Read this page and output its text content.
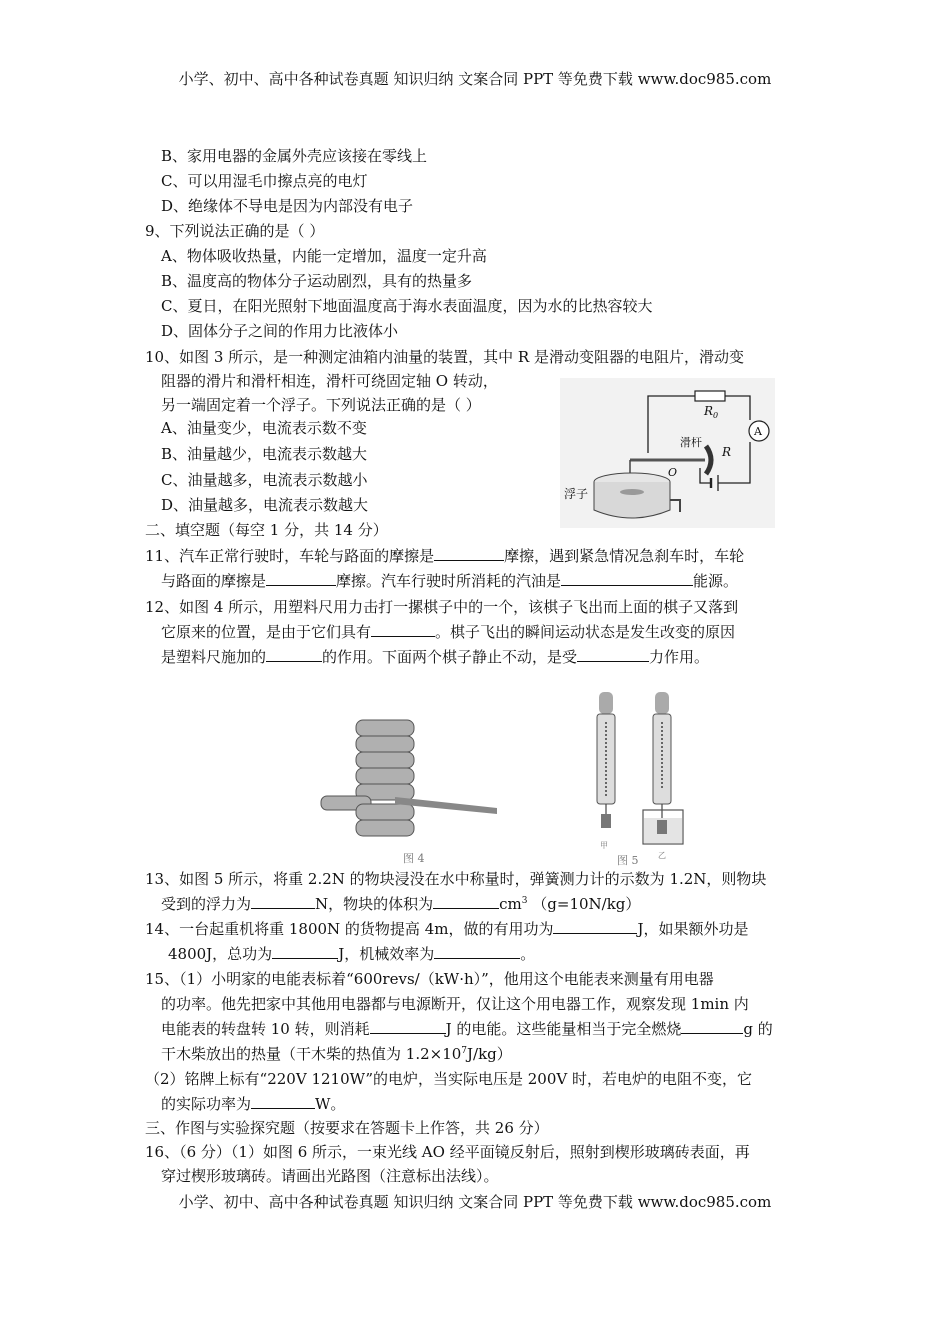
小学、初中、高中各种试卷真题 知识归纳 文案合同 PPT 等免费下载 www.doc985.com
B、家用电器的金属外壳应该接在零线上
C、可以用湿毛巾擦点亮的电灯
D、绝缘体不导电是因为内部没有电子
9、下列说法正确的是（ ）
A、物体吸收热量，内能一定增加，温度一定升高
B、温度高的物体分子运动剧烈，具有的热量多
C、夏日，在阳光照射下地面温度高于海水表面温度，因为水的比热容较大
D、固体分子之间的作用力比液体小
10、如图 3 所示，是一种测定油箱内油量的装置，其中 R 是滑动变阻器的电阻片，滑动变
阻器的滑片和滑杆相连，滑杆可绕固定轴 O 转动，
另一端固定着一个浮子。下列说法正确的是（ ）
A、油量变少，电流表示数不变
B、油量越少，电流表示数越大
C、油量越多，电流表示数越小
D、油量越多，电流表示数越大
$R_0$
A
R
滑杆
O
浮子
二、填空题（每空 1 分，共 14 分）
11、汽车正常行驶时，车轮与路面的摩擦是	摩擦，遇到紧急情况急刹车时，车轮
与路面的摩擦是	摩擦。汽车行驶时所消耗的汽油是	能源。
12、如图 4 所示，用塑料尺用力击打一摞棋子中的一个，该棋子飞出而上面的棋子又落到
它原来的位置，是由于它们具有	。棋子飞出的瞬间运动状态是发生改变的原因
是塑料尺施加的	的作用。下面两个棋子静止不动，是受	力作用。
图 4
甲
乙
图 5
13、如图 5 所示，将重 2.2N 的物块浸没在水中称量时，弹簧测力计的示数为 1.2N，则物块
受到的浮力为	N，物块的体积为	$cm^3$ （g=10N/kg）
14、一台起重机将重 1800N 的货物提高 4m，做的有用功为	J，如果额外功是
4800J，总功为	J，机械效率为	。
15、（1）小明家的电能表标着“600revs/（kW·h）”，他用这个电能表来测量有用电器
的功率。他先把家中其他用电器都与电源断开，仅让这个用电器工作，观察发现 1min 内
电能表的转盘转 10 转，则消耗	J 的电能。这些能量相当于完全燃烧	g 的
干木柴放出的热量（干木柴的热值为 $1.2\times 10^7J/kg$）
（2）铭牌上标有“220V 1210W”的电炉，当实际电压是 200V 时，若电炉的电阻不变，它
的实际功率为	W。
三、作图与实验探究题（按要求在答题卡上作答，共 26 分）
16、（6 分）（1）如图 6 所示，一束光线 AO 经平面镜反射后，照射到楔形玻璃砖表面，再
穿过楔形玻璃砖。请画出光路图（注意标出法线）。
小学、初中、高中各种试卷真题 知识归纳 文案合同 PPT 等免费下载 www.doc985.com
